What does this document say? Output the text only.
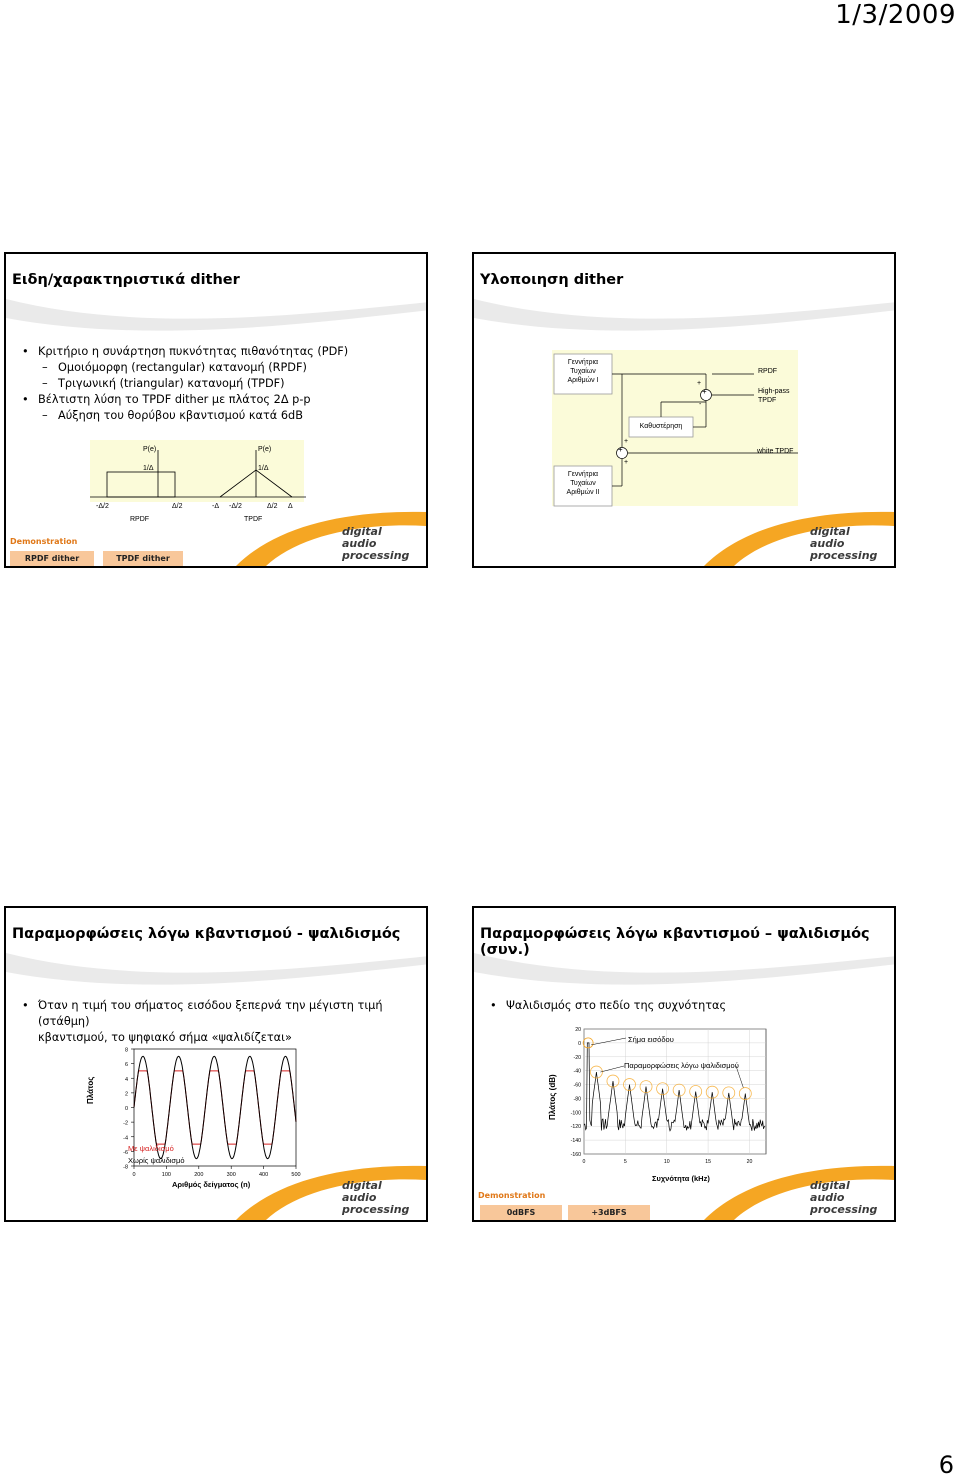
1/3/2009
Ειδη/χαρακτηριστικά dither
• Κριτήριο η συνάρτηση πυκνότητας πιθανότητας (PDF)
– Ομοιόμορφη (rectangular) κατανομή (RPDF)
– Τριγωνική (triangular) κατανομή (TPDF)
• Βέλτιστη λύση το TPDF dither με πλάτος 2Δ p-p
– Αύξηση του θορύβου κβαντισμού κατά 6dB
P(e)	P(e)
1/Δ	1/Δ
-Δ/2	Δ/2	-Δ -Δ/2	Δ/2 Δ
RPDF	TPDF
digital
audio
processing
Demonstration
RPDF dither	TPDF dither
Υλοποιηση dither
+
+
+
-
+
+
Γεννήτρια
Τυχαίων
Αριθμών I
Γεννήτρια
Τυχαίων
Αριθμών II
Καθυστέρηση
RPDF
High-pass
TPDF
white TPDF
digital
audio
processing
Παραμορφώσεις λόγω κβαντισμού - ψαλιδισμός
• Όταν η τιμή του σήματος εισόδου ξεπερνά την μέγιστη τιμή (στάθμη)
κβαντισμού, το ψηφιακό σήμα «ψαλιδίζεται»
8
6
4
2
0
-2
-4
-6
-8
0	100	200	300	400	500
Πλάτος
Αριθμός δείγματος (n)
Με ψαλιδισμό
Χωρίς ψαλιδισμό
digital
audio
processing
Παραμορφώσεις λόγω κβαντισμού – ψαλιδισμός (συν.)
• Ψαλιδισμός στο πεδίο της συχνότητας
20
0
-20
-40
-60
-80
-100
-120
-140
-160
0	5	10	15	20
Πλάτος (dB)
Συχνότητα (kHz)
Σήμα εισόδου
Παραμορφώσεις λόγω ψαλιδισμού
digital
audio
processing
Demonstration
0dBFS	+3dBFS
6
